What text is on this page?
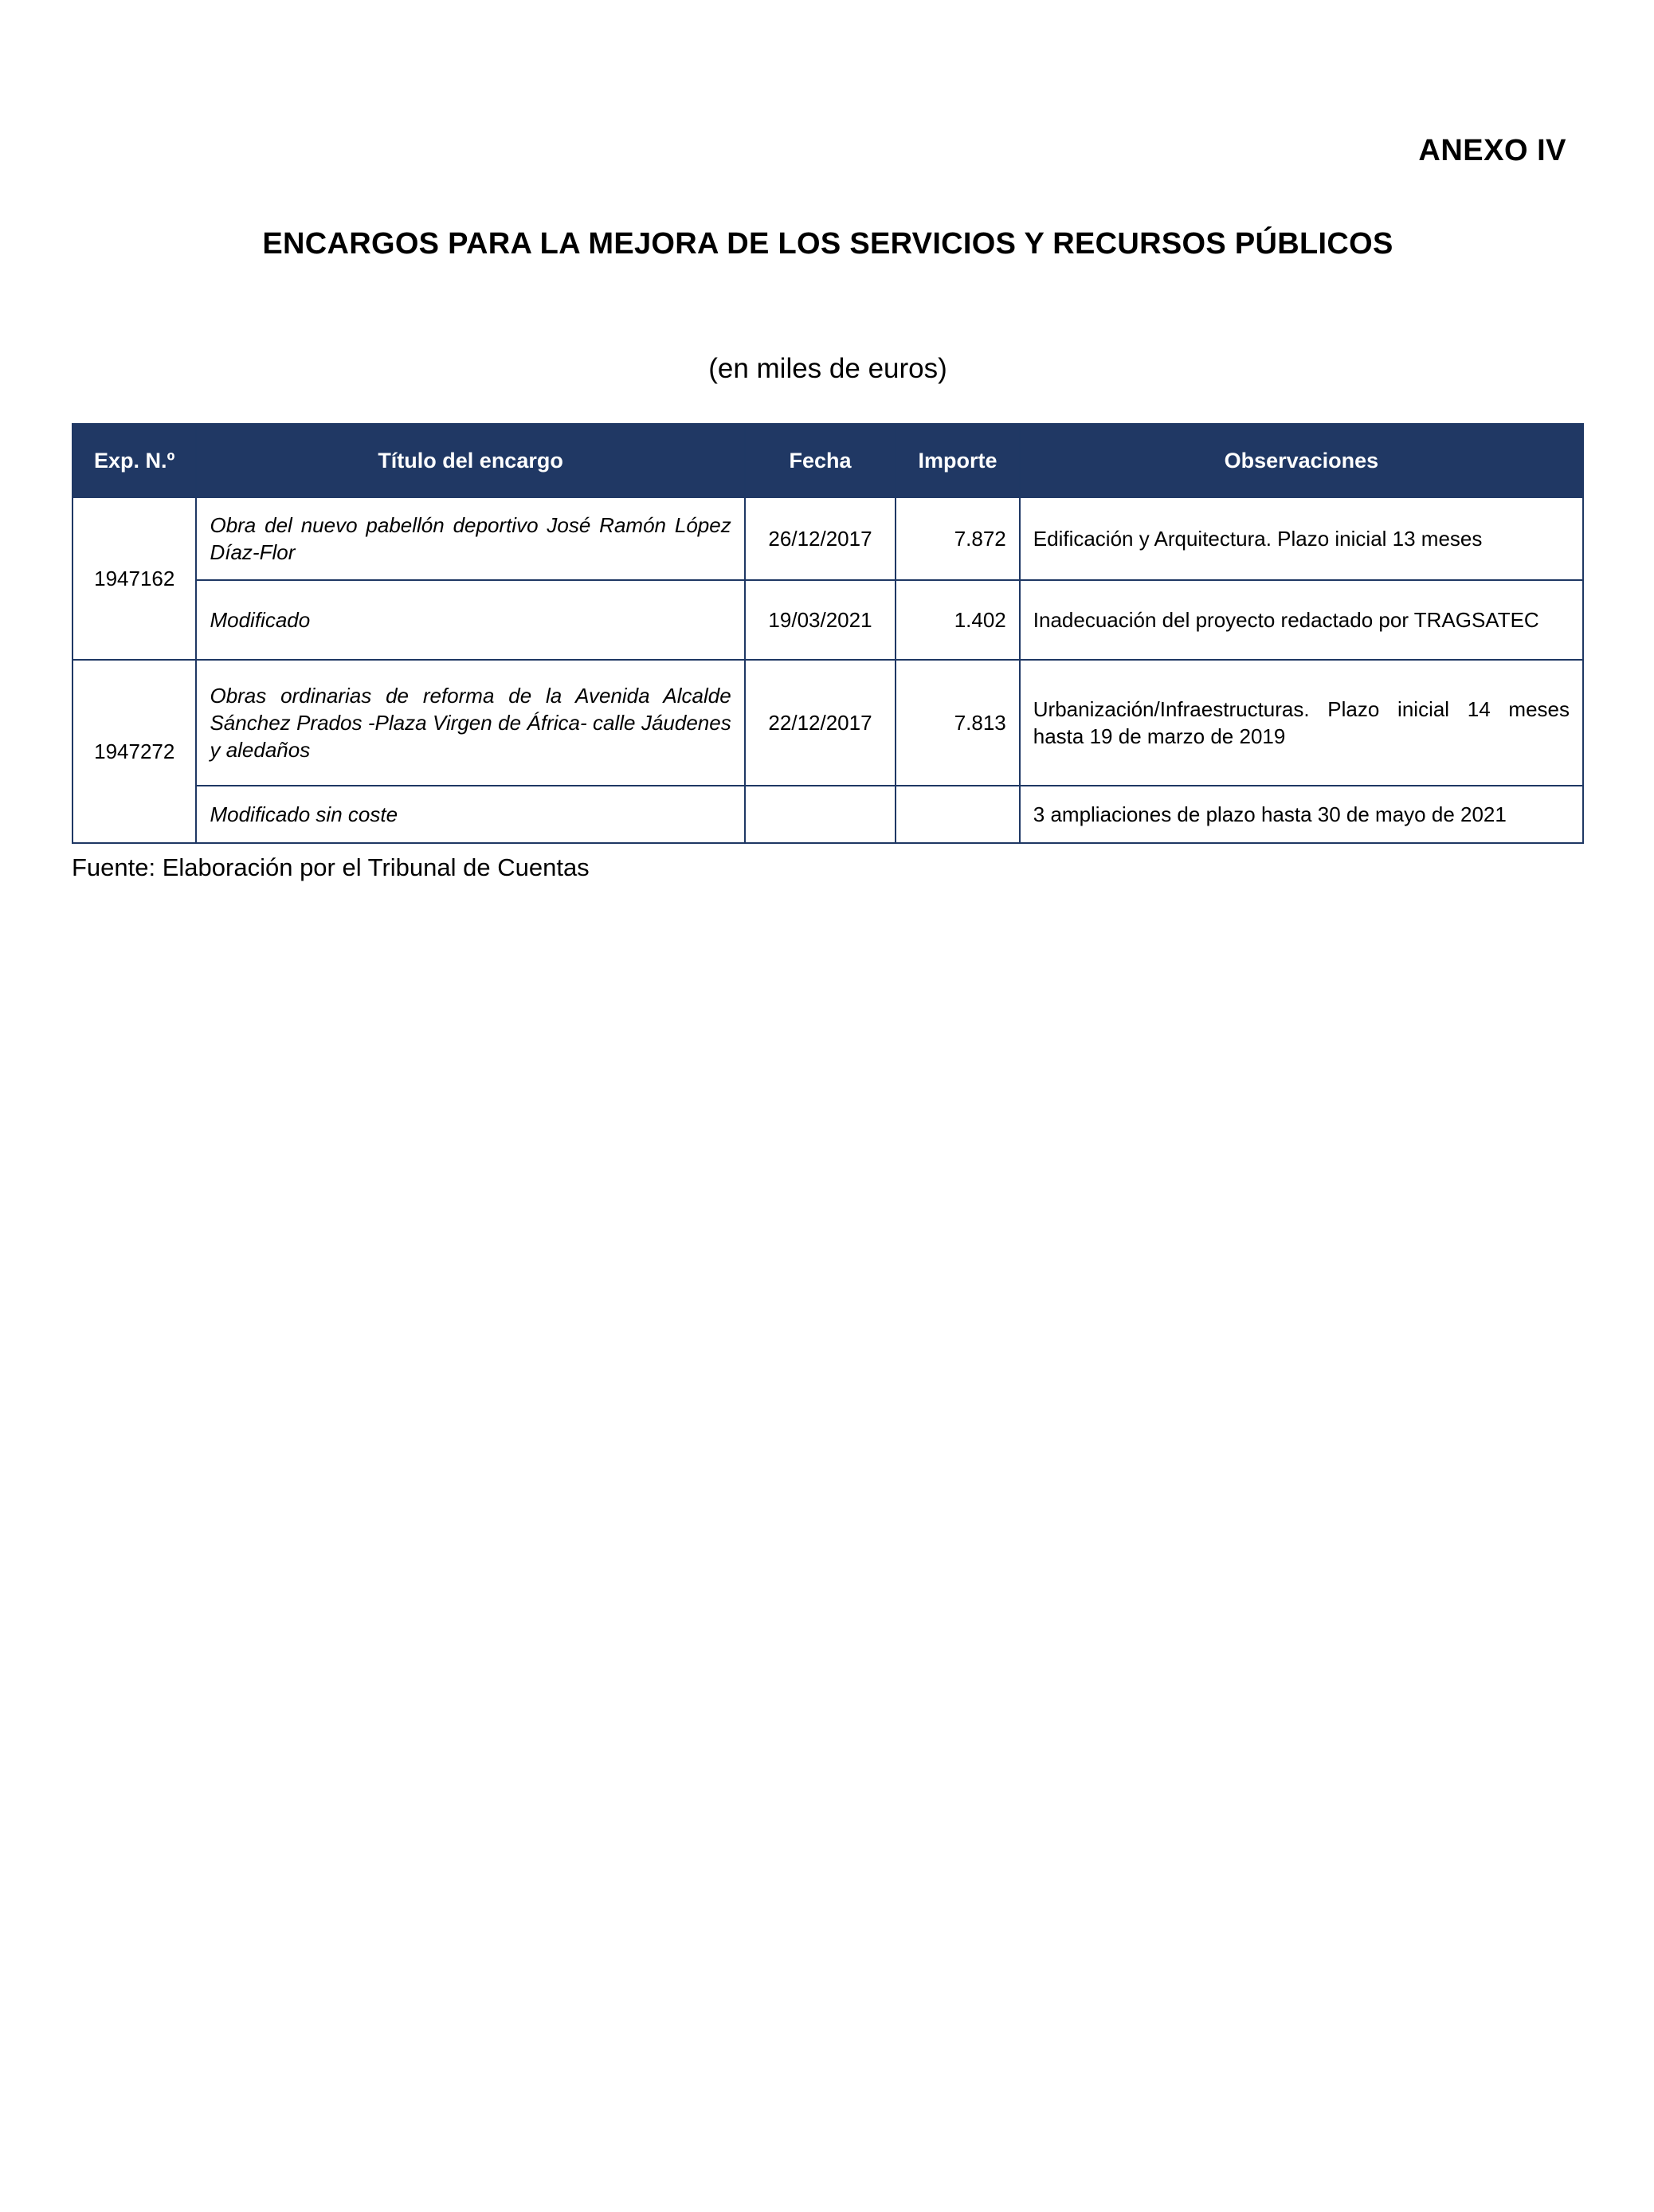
ANEXO IV
ENCARGOS PARA LA MEJORA DE LOS SERVICIOS Y RECURSOS PÚBLICOS
(en miles de euros)
Exp. N.º	Título del encargo	Fecha	Importe	Observaciones
1947162	Obra del nuevo pabellón deportivo José Ramón López Díaz-Flor	26/12/2017	7.872	Edificación y Arquitectura. Plazo inicial 13 meses
	Modificado	19/03/2021	1.402	Inadecuación del proyecto redactado por TRAGSATEC
1947272	Obras ordinarias de reforma de la Avenida Alcalde Sánchez Prados -Plaza Virgen de África- calle Jáudenes y aledaños	22/12/2017	7.813	Urbanización/Infraestructuras. Plazo inicial 14 meses hasta 19 de marzo de 2019
	Modificado sin coste			3 ampliaciones de plazo hasta 30 de mayo de 2021
Fuente: Elaboración por el Tribunal de Cuentas
